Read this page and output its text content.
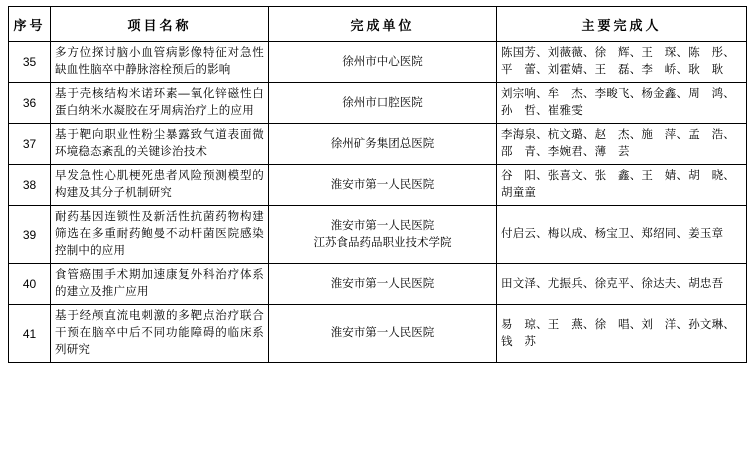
序号	项目名称	完成单位	主要完成人
35	多方位探讨脑小血管病影像特征对急性
缺血性脑卒中静脉溶栓预后的影响	徐州市中心医院	陈国芳、刘薇薇、徐　辉、王　琛、陈　彤、
平　蕾、刘霍婧、王　磊、李　峤、耿　耿

36	基于壳核结构米诺环素—氧化锌磁性白
蛋白纳米水凝胶在牙周病治疗上的应用	徐州市口腔医院	刘宗响、牟　杰、李畯飞、杨金鑫、周　鸿、
孙　哲、崔雅雯

37	基于靶向职业性粉尘暴露致气道表面微
环境稳态紊乱的关键诊治技术	徐州矿务集团总医院	李海泉、杭文璐、赵　杰、施　萍、孟　浩、
邵　青、李婉君、薄　芸

38	早发急性心肌梗死患者风险预测模型的
构建及其分子机制研究	淮安市第一人民医院	谷　阳、张喜文、张　鑫、王　婧、胡　晓、
胡童童

39	耐药基因连锁性及新活性抗菌药物构建
筛选在多重耐药鲍曼不动杆菌医院感染
控制中的应用	淮安市第一人民医院
江苏食品药品职业技术学院	付启云、梅以成、杨宝卫、郑绍同、姜玉章

40	食管癌围手术期加速康复外科治疗体系
的建立及推广应用	淮安市第一人民医院	田文泽、尤振兵、徐克平、徐达夫、胡忠吾

41	基于经颅直流电刺激的多靶点治疗联合
干预在脑卒中后不同功能障碍的临床系
列研究	淮安市第一人民医院	易　琼、王　燕、徐　唱、刘　洋、孙文琳、
钱　苏
